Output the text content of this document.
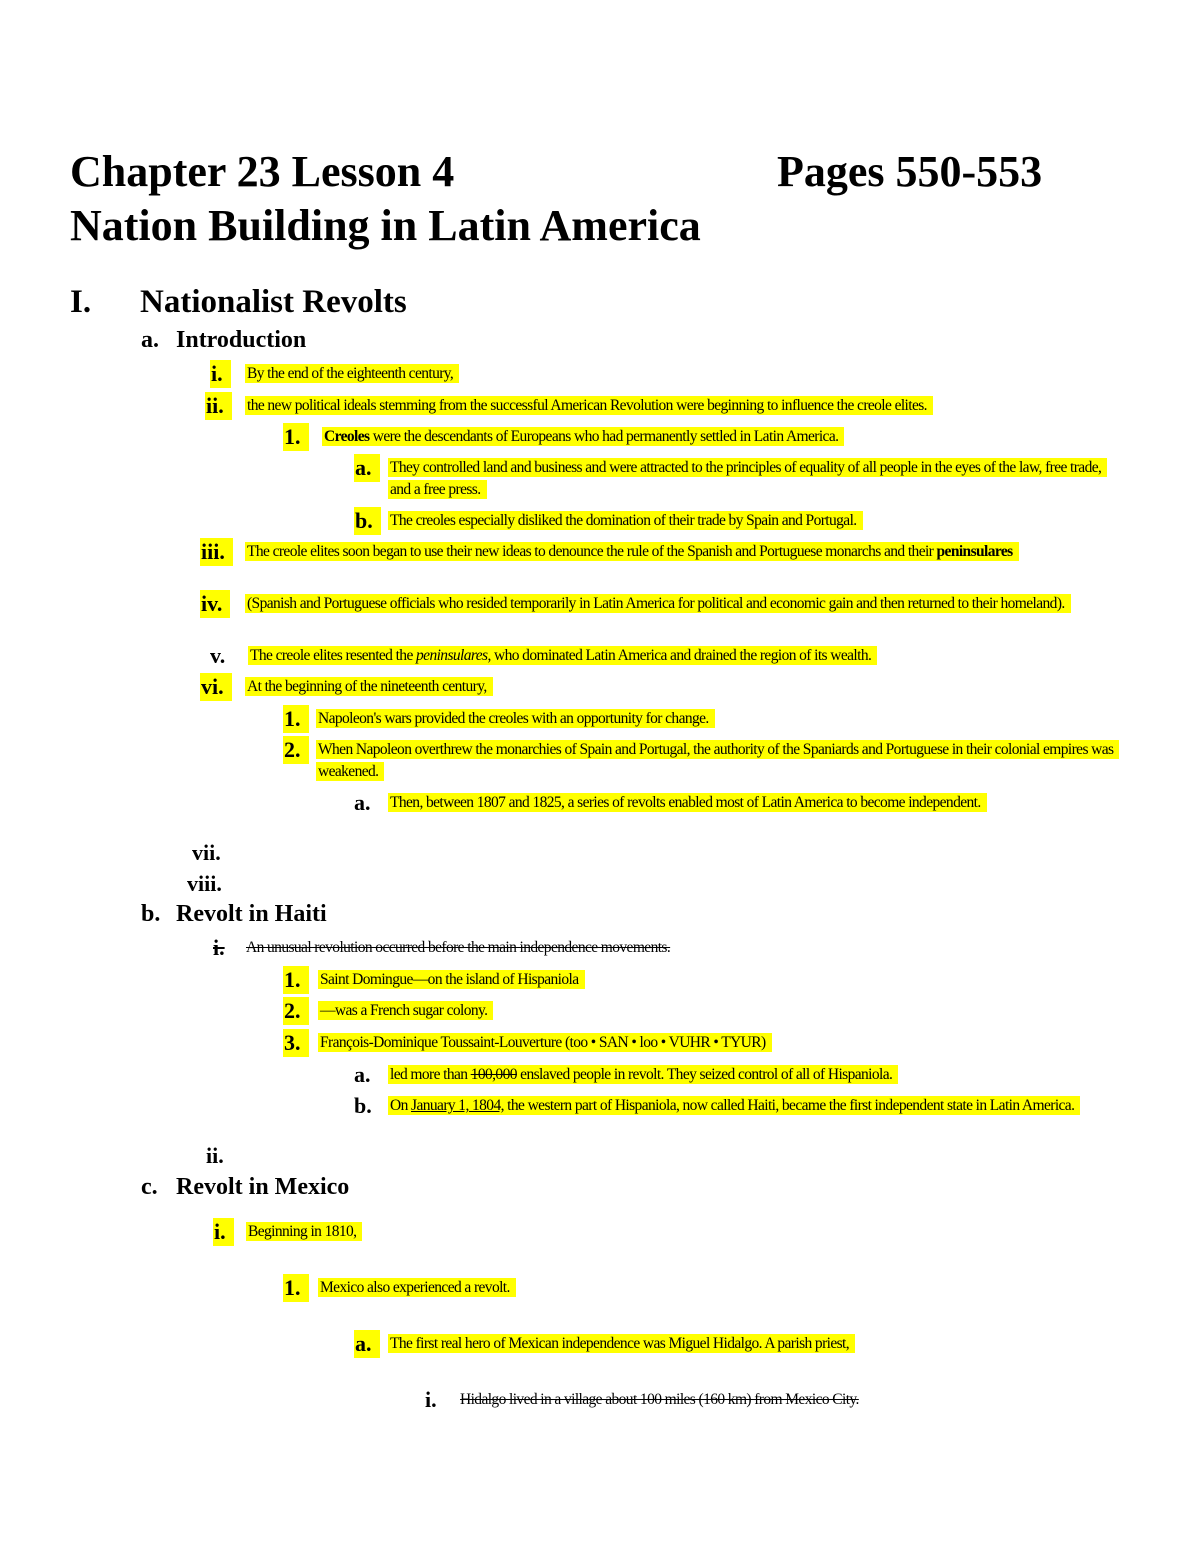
Chapter 23 Lesson 4	Pages 550-553
Nation Building in Latin America
I. Nationalist Revolts
a. Introduction
i.	By the end of the eighteenth century,
ii.	the new political ideals stemming from the successful American Revolution were beginning to influence the creole elites.
1.	Creoles were the descendants of Europeans who had permanently settled in Latin America.
a.	They controlled land and business and were attracted to the principles of equality of all people in the eyes of the law, free trade, and a free press.
b.	The creoles especially disliked the domination of their trade by Spain and Portugal.
iii.	The creole elites soon began to use their new ideas to denounce the rule of the Spanish and Portuguese monarchs and their peninsulares
iv.	(Spanish and Portuguese officials who resided temporarily in Latin America for political and economic gain and then returned to their homeland).
v. The creole elites resented the peninsulares, who dominated Latin America and drained the region of its wealth.
vi.	At the beginning of the nineteenth century,
1.	Napoleon's wars provided the creoles with an opportunity for change.
2.	When Napoleon overthrew the monarchies of Spain and Portugal, the authority of the Spaniards and Portuguese in their colonial empires was weakened.
a. Then, between 1807 and 1825, a series of revolts enabled most of Latin America to become independent.
vii.
viii.
b. Revolt in Haiti
i. An unusual revolution occurred before the main independence movements.
1.	Saint Domingue—on the island of Hispaniola
2.	—was a French sugar colony.
3.	François-Dominique Toussaint-Louverture (too • SAN • loo • VUHR • TYUR)
a. led more than 100,000 enslaved people in revolt. They seized control of all of Hispaniola.
b. On January 1, 1804, the western part of Hispaniola, now called Haiti, became the first independent state in Latin America.
ii.
c. Revolt in Mexico
i.	Beginning in 1810,
1.	Mexico also experienced a revolt.
a.	The first real hero of Mexican independence was Miguel Hidalgo. A parish priest,
i. Hidalgo lived in a village about 100 miles (160 km) from Mexico City.
